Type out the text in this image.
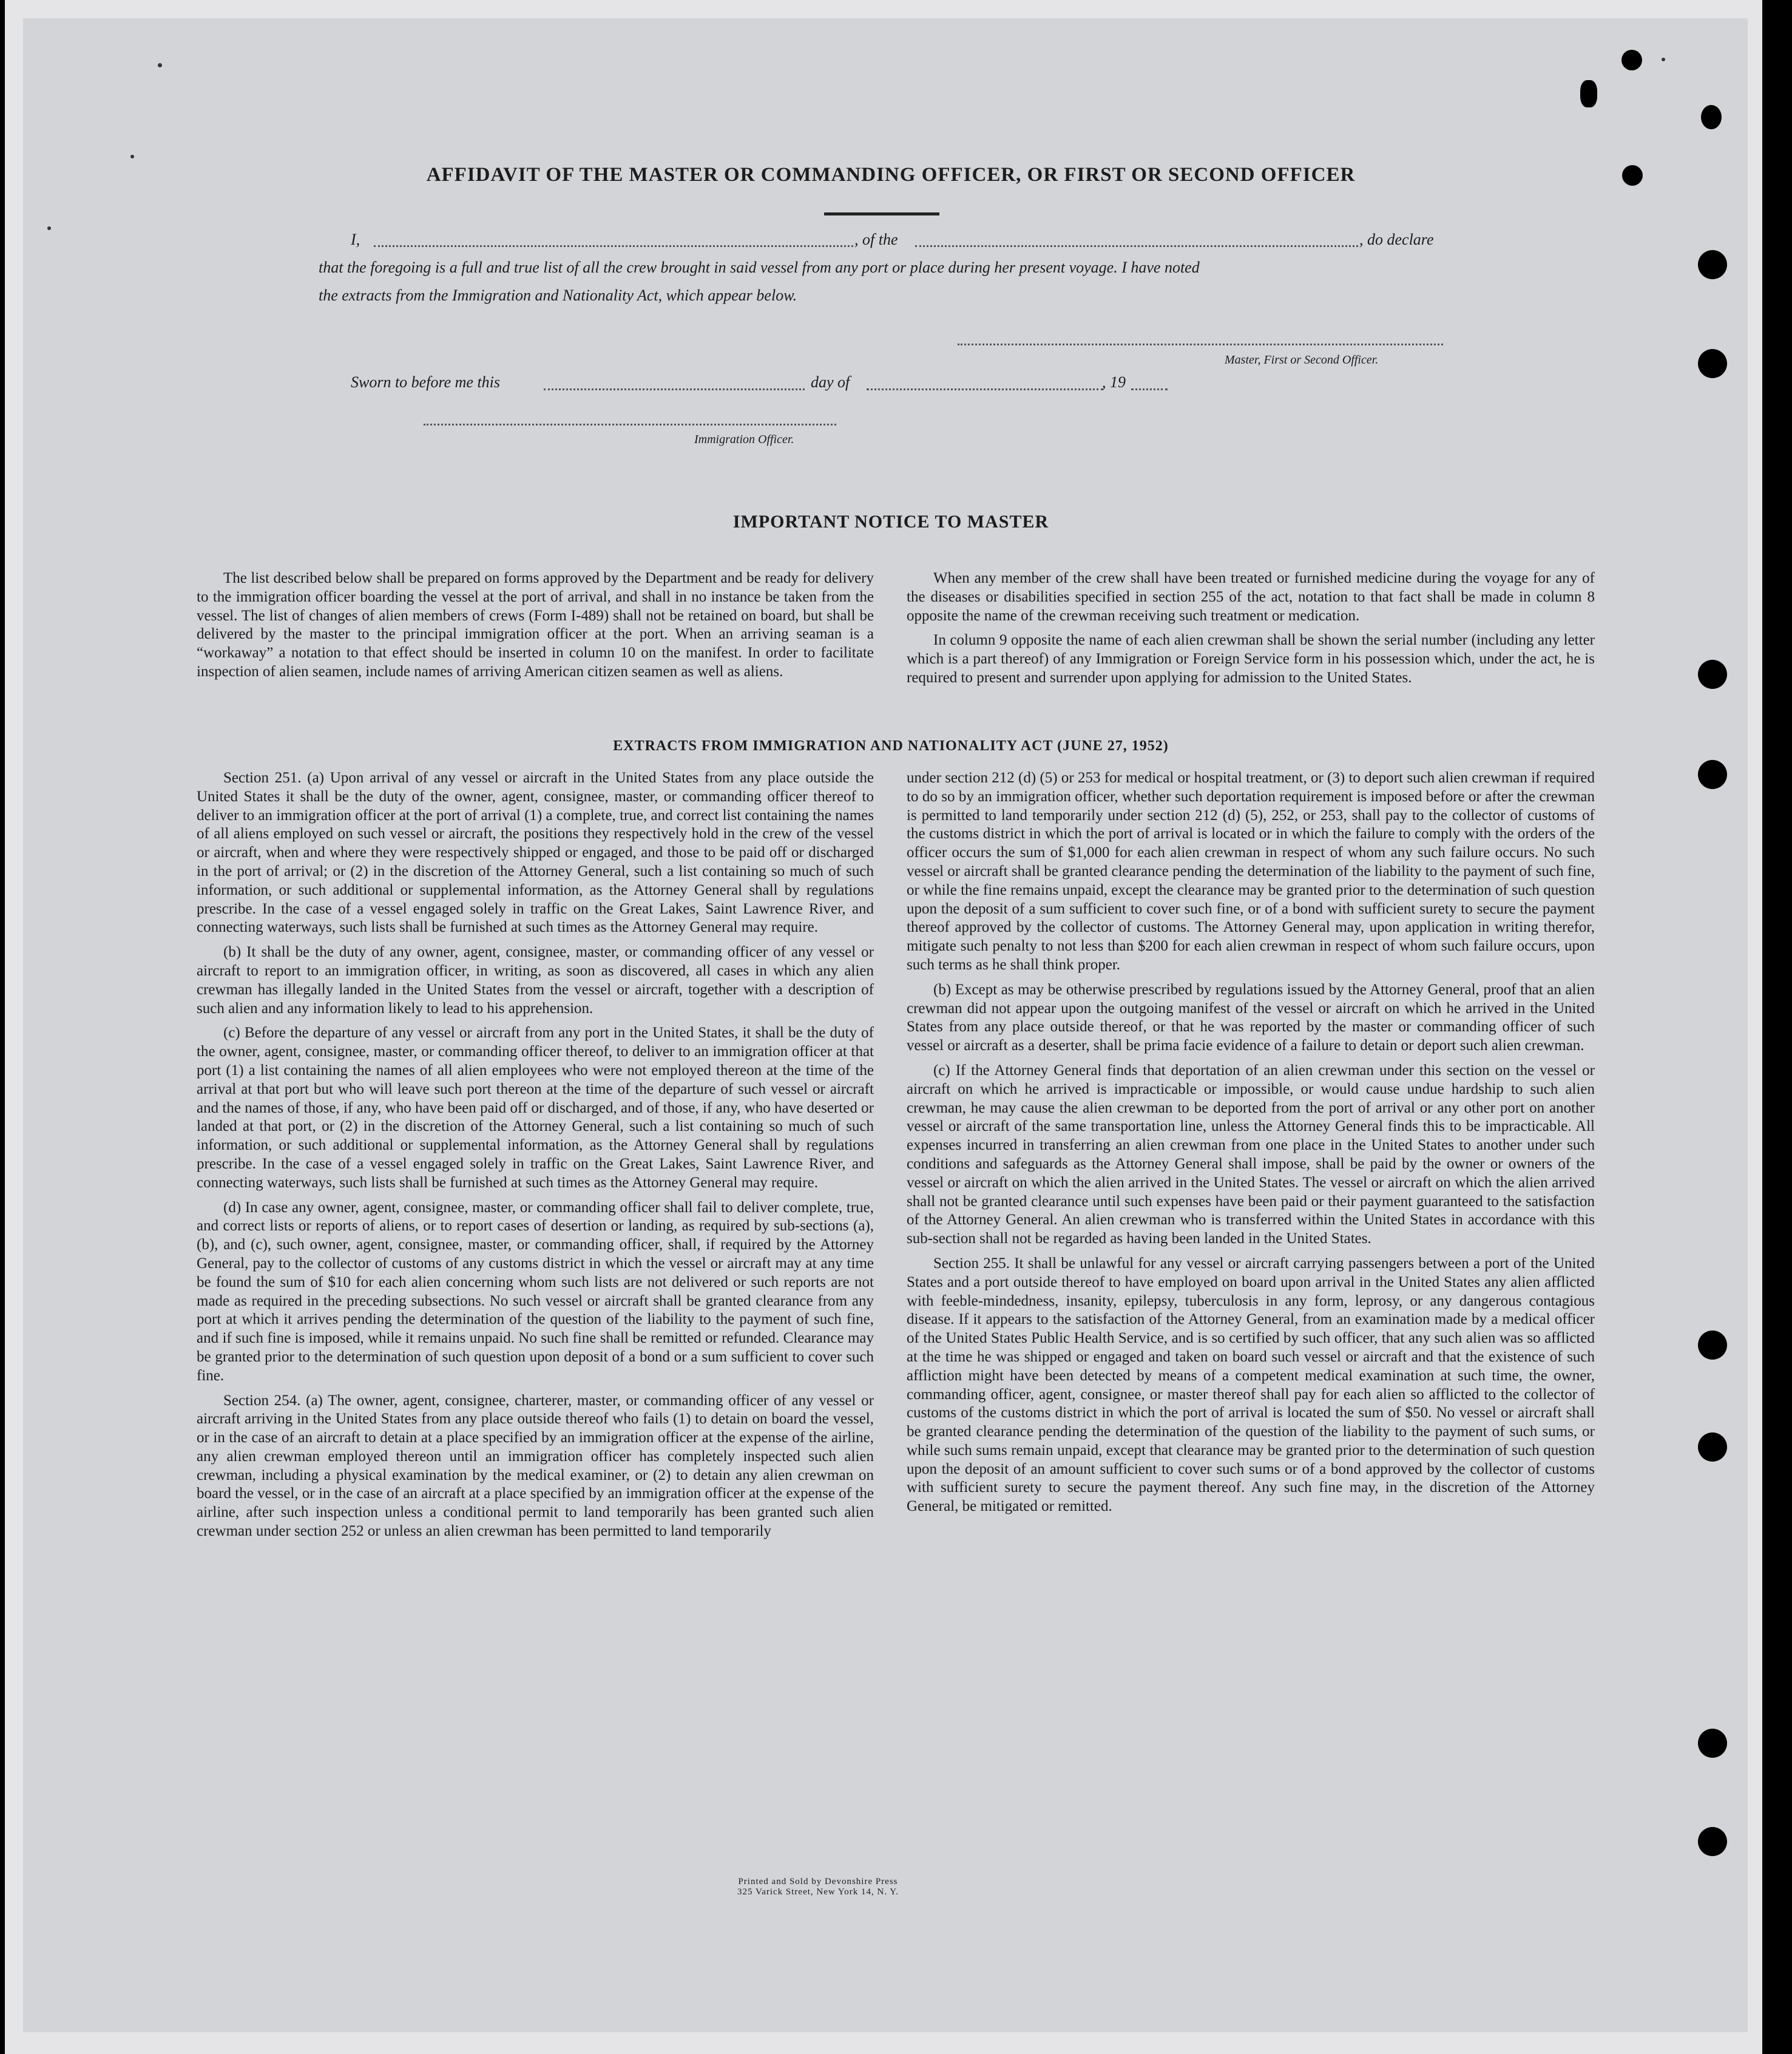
AFFIDAVIT OF THE MASTER OR COMMANDING OFFICER, OR FIRST OR SECOND OFFICER
I,	, of the	, do declare
that the foregoing is a full and true list of all the crew brought in said vessel from any port or place during her present voyage. I have noted
the extracts from the Immigration and Nationality Act, which appear below.
Master, First or Second Officer.
Sworn to before me this	day of	, 19
Immigration Officer.
IMPORTANT NOTICE TO MASTER

The list described below shall be prepared on forms approved by the Department and be ready for delivery to the immigration officer boarding the vessel at the port of arrival, and shall in no instance be taken from the vessel. The list of changes of alien members of crews (Form I-489) shall not be retained on board, but shall be delivered by the master to the principal immigration officer at the port. When an arriving seaman is a “workaway” a notation to that effect should be inserted in column 10 on the manifest. In order to facilitate inspection of alien seamen, include names of arriving American citizen seamen as well as aliens.

When any member of the crew shall have been treated or furnished medicine during the voyage for any of the diseases or disabilities specified in section 255 of the act, notation to that fact shall be made in column 8 opposite the name of the crewman receiving such treatment or medication.

In column 9 opposite the name of each alien crewman shall be shown the serial number (including any letter which is a part thereof) of any Immigration or Foreign Service form in his possession which, under the act, he is required to present and surrender upon applying for admission to the United States.

EXTRACTS FROM IMMIGRATION AND NATIONALITY ACT (JUNE 27, 1952)

Section 251. (a) Upon arrival of any vessel or aircraft in the United States from any place outside the United States it shall be the duty of the owner, agent, consignee, master, or commanding officer thereof to deliver to an immigration officer at the port of arrival (1) a complete, true, and correct list containing the names of all aliens employed on such vessel or aircraft, the positions they respectively hold in the crew of the vessel or aircraft, when and where they were respectively shipped or engaged, and those to be paid off or discharged in the port of arrival; or (2) in the discretion of the Attorney General, such a list containing so much of such information, or such additional or supplemental information, as the Attorney General shall by regulations prescribe. In the case of a vessel engaged solely in traffic on the Great Lakes, Saint Lawrence River, and connecting waterways, such lists shall be furnished at such times as the Attorney General may require.

(b) It shall be the duty of any owner, agent, consignee, master, or commanding officer of any vessel or aircraft to report to an immigration officer, in writing, as soon as discovered, all cases in which any alien crewman has illegally landed in the United States from the vessel or aircraft, together with a description of such alien and any information likely to lead to his apprehension.

(c) Before the departure of any vessel or aircraft from any port in the United States, it shall be the duty of the owner, agent, consignee, master, or commanding officer thereof, to deliver to an immigration officer at that port (1) a list containing the names of all alien employees who were not employed thereon at the time of the arrival at that port but who will leave such port thereon at the time of the departure of such vessel or aircraft and the names of those, if any, who have been paid off or discharged, and of those, if any, who have deserted or landed at that port, or (2) in the discretion of the Attorney General, such a list containing so much of such information, or such additional or supplemental information, as the Attorney General shall by regulations prescribe. In the case of a vessel engaged solely in traffic on the Great Lakes, Saint Lawrence River, and connecting waterways, such lists shall be furnished at such times as the Attorney General may require.

(d) In case any owner, agent, consignee, master, or commanding officer shall fail to deliver complete, true, and correct lists or reports of aliens, or to report cases of desertion or landing, as required by sub-sections (a), (b), and (c), such owner, agent, consignee, master, or commanding officer, shall, if required by the Attorney General, pay to the collector of customs of any customs district in which the vessel or aircraft may at any time be found the sum of $10 for each alien concerning whom such lists are not delivered or such reports are not made as required in the preceding subsections. No such vessel or aircraft shall be granted clearance from any port at which it arrives pending the determination of the question of the liability to the payment of such fine, and if such fine is imposed, while it remains unpaid. No such fine shall be remitted or refunded. Clearance may be granted prior to the determination of such question upon deposit of a bond or a sum sufficient to cover such fine.

Section 254. (a) The owner, agent, consignee, charterer, master, or commanding officer of any vessel or aircraft arriving in the United States from any place outside thereof who fails (1) to detain on board the vessel, or in the case of an aircraft to detain at a place specified by an immigration officer at the expense of the airline, any alien crewman employed thereon until an immigration officer has completely inspected such alien crewman, including a physical examination by the medical examiner, or (2) to detain any alien crewman on board the vessel, or in the case of an aircraft at a place specified by an immigration officer at the expense of the airline, after such inspection unless a conditional permit to land temporarily has been granted such alien crewman under section 252 or unless an alien crewman has been permitted to land temporarily

under section 212 (d) (5) or 253 for medical or hospital treatment, or (3) to deport such alien crewman if required to do so by an immigration officer, whether such deportation requirement is imposed before or after the crewman is permitted to land temporarily under section 212 (d) (5), 252, or 253, shall pay to the collector of customs of the customs district in which the port of arrival is located or in which the failure to comply with the orders of the officer occurs the sum of $1,000 for each alien crewman in respect of whom any such failure occurs. No such vessel or aircraft shall be granted clearance pending the determination of the liability to the payment of such fine, or while the fine remains unpaid, except the clearance may be granted prior to the determination of such question upon the deposit of a sum sufficient to cover such fine, or of a bond with sufficient surety to secure the payment thereof approved by the collector of customs. The Attorney General may, upon application in writing therefor, mitigate such penalty to not less than $200 for each alien crewman in respect of whom such failure occurs, upon such terms as he shall think proper.

(b) Except as may be otherwise prescribed by regulations issued by the Attorney General, proof that an alien crewman did not appear upon the outgoing manifest of the vessel or aircraft on which he arrived in the United States from any place outside thereof, or that he was reported by the master or commanding officer of such vessel or aircraft as a deserter, shall be prima facie evidence of a failure to detain or deport such alien crewman.

(c) If the Attorney General finds that deportation of an alien crewman under this section on the vessel or aircraft on which he arrived is impracticable or impossible, or would cause undue hardship to such alien crewman, he may cause the alien crewman to be deported from the port of arrival or any other port on another vessel or aircraft of the same transportation line, unless the Attorney General finds this to be impracticable. All expenses incurred in transferring an alien crewman from one place in the United States to another under such conditions and safeguards as the Attorney General shall impose, shall be paid by the owner or owners of the vessel or aircraft on which the alien arrived in the United States. The vessel or aircraft on which the alien arrived shall not be granted clearance until such expenses have been paid or their payment guaranteed to the satisfaction of the Attorney General. An alien crewman who is transferred within the United States in accordance with this sub-section shall not be regarded as having been landed in the United States.

Section 255. It shall be unlawful for any vessel or aircraft carrying passengers between a port of the United States and a port outside thereof to have employed on board upon arrival in the United States any alien afflicted with feeble-mindedness, insanity, epilepsy, tuberculosis in any form, leprosy, or any dangerous contagious disease. If it appears to the satisfaction of the Attorney General, from an examination made by a medical officer of the United States Public Health Service, and is so certified by such officer, that any such alien was so afflicted at the time he was shipped or engaged and taken on board such vessel or aircraft and that the existence of such affliction might have been detected by means of a competent medical examination at such time, the owner, commanding officer, agent, consignee, or master thereof shall pay for each alien so afflicted to the collector of customs of the customs district in which the port of arrival is located the sum of $50. No vessel or aircraft shall be granted clearance pending the determination of the question of the liability to the payment of such sums, or while such sums remain unpaid, except that clearance may be granted prior to the determination of such question upon the deposit of an amount sufficient to cover such sums or of a bond approved by the collector of customs with sufficient surety to secure the payment thereof. Any such fine may, in the discretion of the Attorney General, be mitigated or remitted.

Printed and Sold by Devonshire Press
325 Varick Street, New York 14, N. Y.
